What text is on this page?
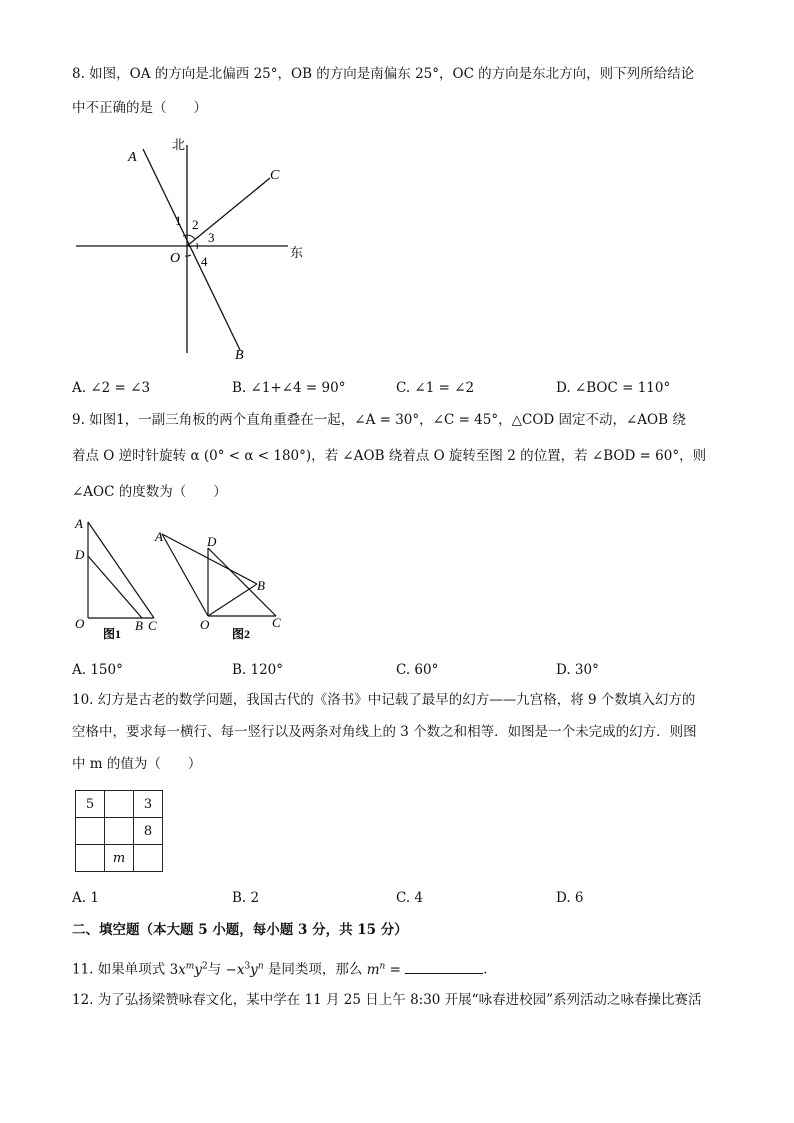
8. 如图，OA 的方向是北偏西 25°，OB 的方向是南偏东 25°，OC 的方向是东北方向，则下列所给结论
中不正确的是（　　）
北
东
A
C
B
O
1 2
3
4
A. ∠2 = ∠3	B. ∠1+∠4 = 90°	C. ∠1 = ∠2	D. ∠BOC = 110°
9. 如图1，一副三角板的两个直角重叠在一起，∠A = 30°，∠C = 45°，△COD 固定不动，∠AOB 绕
着点 O 逆时针旋转 α (0° < α < 180°)，若 ∠AOB 绕着点 O 旋转至图 2 的位置，若 ∠BOD = 60°，则
∠AOC 的度数为（　　）
A
D
O	B C
图1
A	D
B
O	C
图2
A. 150°	B. 120°	C. 60°	D. 30°
10. 幻方是古老的数学问题，我国古代的《洛书》中记载了最早的幻方——九宫格，将 9 个数填入幻方的
空格中，要求每一横行、每一竖行以及两条对角线上的 3 个数之和相等．如图是一个未完成的幻方．则图
中 m 的值为（　　）
5		3
		8
	m	
A. 1	B. 2	C. 4	D. 6
二、填空题（本大题 5 小题，每小题 3 分，共 15 分）
11. 如果单项式 $3x^my^2$与 $-x^3y^n$ 是同类项，那么 $m^n$ =	．
12. 为了弘扬梁赞咏春文化，某中学在 11 月 25 日上午 8:30 开展“咏春进校园”系列活动之咏春操比赛活
